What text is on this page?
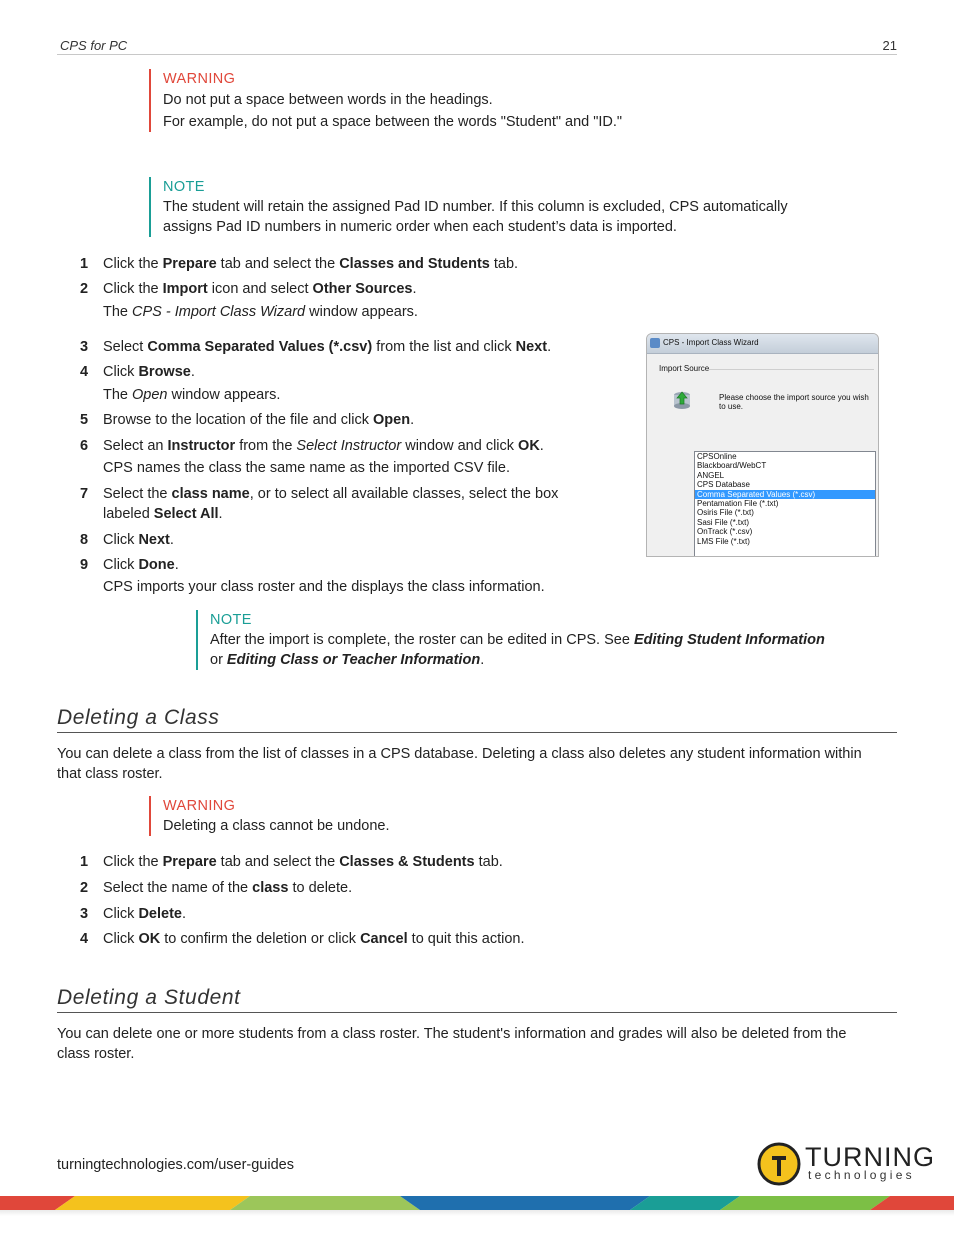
CPS for PC	21
WARNING
Do not put a space between words in the headings.
For example, do not put a space between the words "Student" and "ID."
NOTE
The student will retain the assigned Pad ID number. If this column is excluded, CPS automatically
assigns Pad ID numbers in numeric order when each student’s data is imported.
1	Click the Prepare tab and select the Classes and Students tab.
2	Click the Import icon and select Other Sources.
3	Select Comma Separated Values (*.csv) from the list and click Next.
4	Click Browse.
5	Browse to the location of the file and click Open.
6	Select an Instructor from the Select Instructor window and click OK.
7	Select the class name, or to select all available classes, select the box
labeled Select All.
8	Click Next.
9	Click Done.
The CPS - Import Class Wizard window appears.
The Open window appears.
CPS names the class the same name as the imported CSV file.
CPS imports your class roster and the displays the class information.
CPS - Import Class Wizard
Import Source
Please choose the import source you wish to use.
CPSOnline
Blackboard/WebCT
ANGEL
CPS Database
Comma Separated Values (*.csv)
Pentamation File (*.txt)
Osiris File (*.txt)
Sasi File (*.txt)
OnTrack (*.csv)
LMS File (*.txt)
NOTE
After the import is complete, the roster can be edited in CPS. See Editing Student Information
or Editing Class or Teacher Information.
Deleting a Class
You can delete a class from the list of classes in a CPS database. Deleting a class also deletes any student information within
that class roster.
WARNING
Deleting a class cannot be undone.
1	Click the Prepare tab and select the Classes & Students tab.
2	Select the name of the class to delete.
3	Click Delete.
4	Click OK to confirm the deletion or click Cancel to quit this action.
Deleting a Student
You can delete one or more students from a class roster. The student's information and grades will also be deleted from the
class roster.
turningtechnologies.com/user-guides	TURNING
technologies
